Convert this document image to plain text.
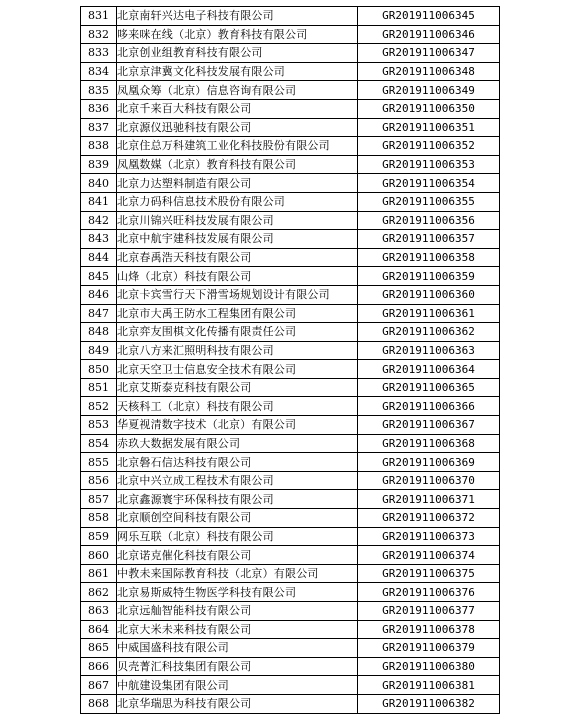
831	北京南轩兴达电子科技有限公司	GR201911006345
832	哆来咪在线（北京）教育科技有限公司	GR201911006346
833	北京创业组教育科技有限公司	GR201911006347
834	北京京津冀文化科技发展有限公司	GR201911006348
835	凤凰众筹（北京）信息咨询有限公司	GR201911006349
836	北京千来百大科技有限公司	GR201911006350
837	北京源仪迅驰科技有限公司	GR201911006351
838	北京住总万科建筑工业化科技股份有限公司	GR201911006352
839	凤凰数媒（北京）教育科技有限公司	GR201911006353
840	北京力达塑料制造有限公司	GR201911006354
841	北京力码科信息技术股份有限公司	GR201911006355
842	北京川锦兴旺科技发展有限公司	GR201911006356
843	北京中航宇建科技发展有限公司	GR201911006357
844	北京春禹浩天科技有限公司	GR201911006358
845	山烽（北京）科技有限公司	GR201911006359
846	北京卡宾雪行天下滑雪场规划设计有限公司	GR201911006360
847	北京市大禹王防水工程集团有限公司	GR201911006361
848	北京弈友围棋文化传播有限责任公司	GR201911006362
849	北京八方来汇照明科技有限公司	GR201911006363
850	北京天空卫士信息安全技术有限公司	GR201911006364
851	北京艾斯泰克科技有限公司	GR201911006365
852	天核科工（北京）科技有限公司	GR201911006366
853	华夏视清数字技术（北京）有限公司	GR201911006367
854	赤玖大数据发展有限公司	GR201911006368
855	北京磐石信达科技有限公司	GR201911006369
856	北京中兴立成工程技术有限公司	GR201911006370
857	北京鑫源寰宇环保科技有限公司	GR201911006371
858	北京顺创空间科技有限公司	GR201911006372
859	网乐互联（北京）科技有限公司	GR201911006373
860	北京诺克催化科技有限公司	GR201911006374
861	中教未来国际教育科技（北京）有限公司	GR201911006375
862	北京易斯威特生物医学科技有限公司	GR201911006376
863	北京远舢智能科技有限公司	GR201911006377
864	北京大米未来科技有限公司	GR201911006378
865	中威国盛科技有限公司	GR201911006379
866	贝壳菁汇科技集团有限公司	GR201911006380
867	中航建设集团有限公司	GR201911006381
868	北京华瑞思为科技有限公司	GR201911006382
